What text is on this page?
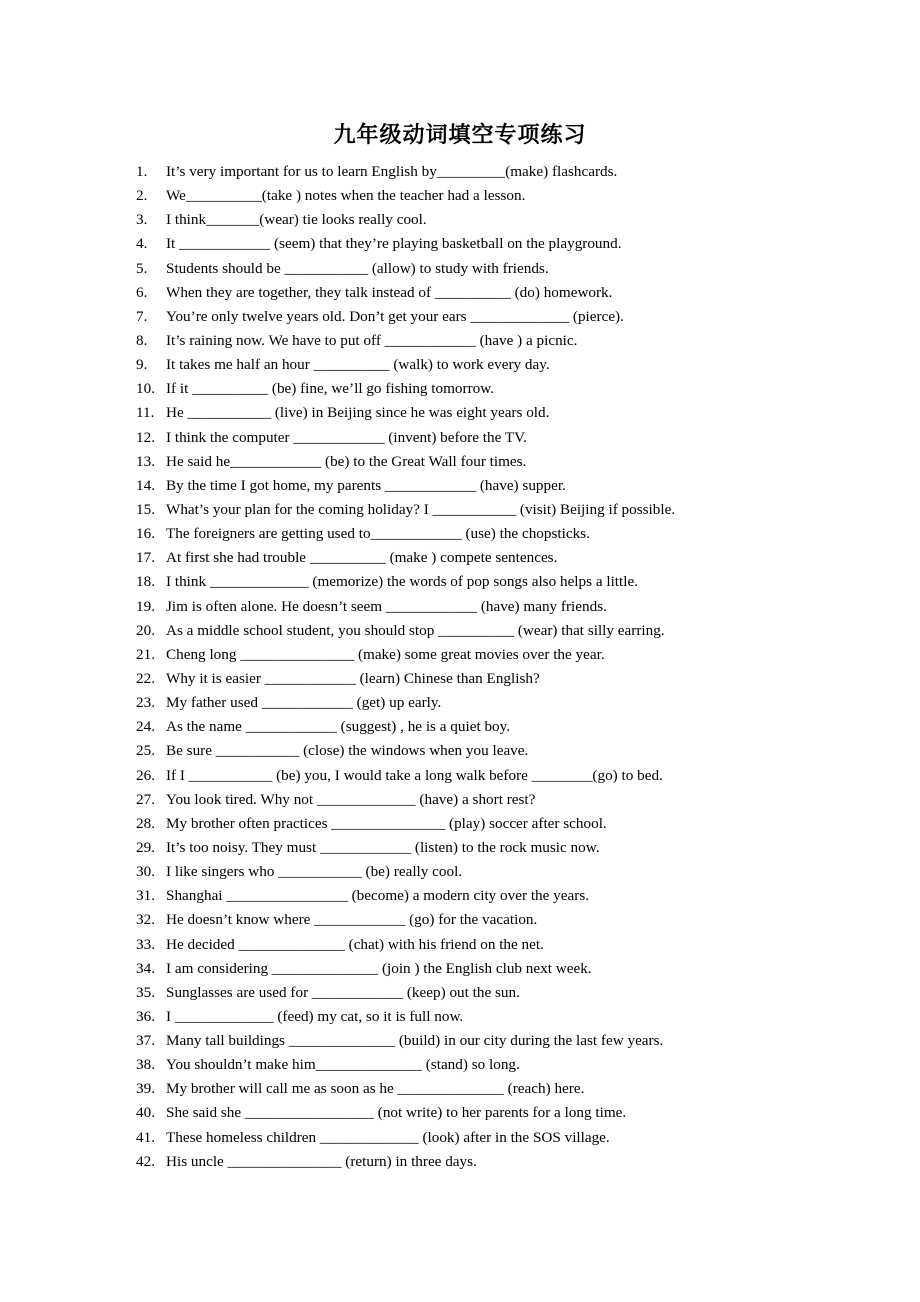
九年级动词填空专项练习
1. It’s very important for us to learn English by_________(make) flashcards.
2. We__________(take ) notes when the teacher had a lesson.
3. I think_______(wear) tie looks really cool.
4. It ____________ (seem) that they’re playing basketball on the playground.
5. Students should be ___________ (allow) to study with friends.
6. When they are together, they talk instead of __________ (do) homework.
7. You’re only twelve years old. Don’t get your ears _____________ (pierce).
8. It’s raining now. We have to put off ____________ (have ) a picnic.
9. It takes me half an hour __________ (walk) to work every day.
10. If it __________ (be) fine, we’ll go fishing tomorrow.
11. He ___________ (live) in Beijing since he was eight years old.
12. I think the computer ____________ (invent) before the TV.
13. He said he____________ (be) to the Great Wall four times.
14. By the time I got home, my parents ____________ (have) supper.
15. What’s your plan for the coming holiday? I ___________ (visit) Beijing if possible.
16. The foreigners are getting used to____________ (use) the chopsticks.
17. At first she had trouble __________ (make ) compete sentences.
18. I think _____________ (memorize) the words of pop songs also helps a little.
19. Jim is often alone. He doesn’t seem ____________ (have) many friends.
20. As a middle school student, you should stop __________ (wear) that silly earring.
21. Cheng long _______________ (make) some great movies over the year.
22. Why it is easier ____________ (learn) Chinese than English?
23. My father used ____________ (get) up early.
24. As the name ____________ (suggest) , he is a quiet boy.
25. Be sure ___________ (close) the windows when you leave.
26. If I ___________ (be) you, I would take a long walk before ________(go) to bed.
27. You look tired. Why not _____________ (have) a short rest?
28. My brother often practices _______________ (play) soccer after school.
29. It’s too noisy. They must ____________ (listen) to the rock music now.
30. I like singers who ___________ (be) really cool.
31. Shanghai ________________ (become) a modern city over the years.
32. He doesn’t know where ____________ (go) for the vacation.
33. He decided ______________ (chat) with his friend on the net.
34. I am considering ______________ (join ) the English club next week.
35. Sunglasses are used for ____________ (keep) out the sun.
36. I _____________ (feed) my cat, so it is full now.
37. Many tall buildings ______________ (build) in our city during the last few years.
38. You shouldn’t make him______________ (stand) so long.
39. My brother will call me as soon as he ______________ (reach) here.
40. She said she _________________ (not write) to her parents for a long time.
41. These homeless children _____________ (look) after in the SOS village.
42. His uncle _______________ (return) in three days.
